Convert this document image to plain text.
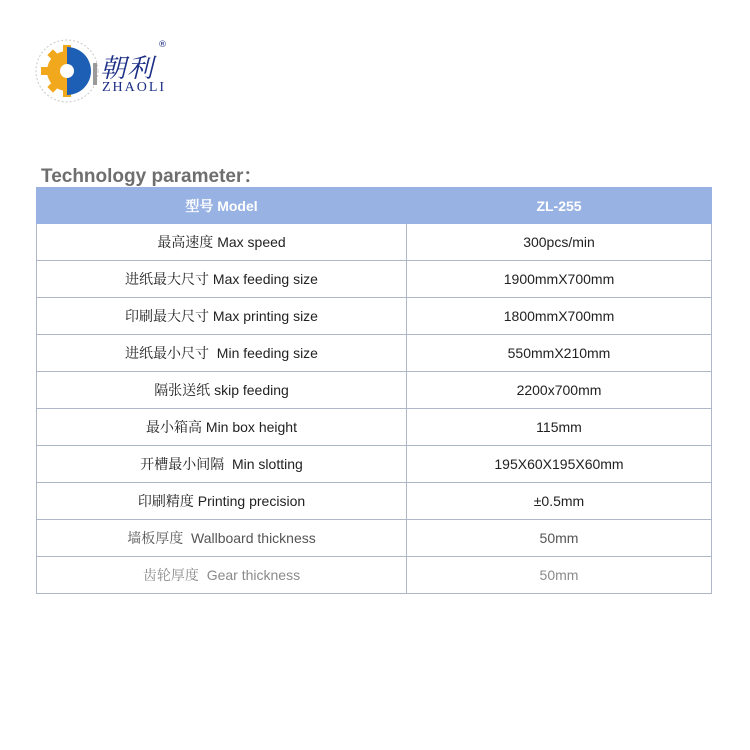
朝利
®
ZHAOLI
Technology parameter：
型号 Model	ZL-255
最高速度 Max speed	300pcs/min
进纸最大尺寸 Max feeding size	1900mmX700mm
印刷最大尺寸 Max printing size	1800mmX700mm
进纸最小尺寸 Min feeding size	550mmX210mm
隔张送纸 skip feeding	2200x700mm
最小箱高 Min box height	115mm
开槽最小间隔 Min slotting	195X60X195X60mm
印刷精度 Printing precision	±0.5mm
墙板厚度 Wallboard thickness	50mm
齿轮厚度 Gear thickness	50mm
